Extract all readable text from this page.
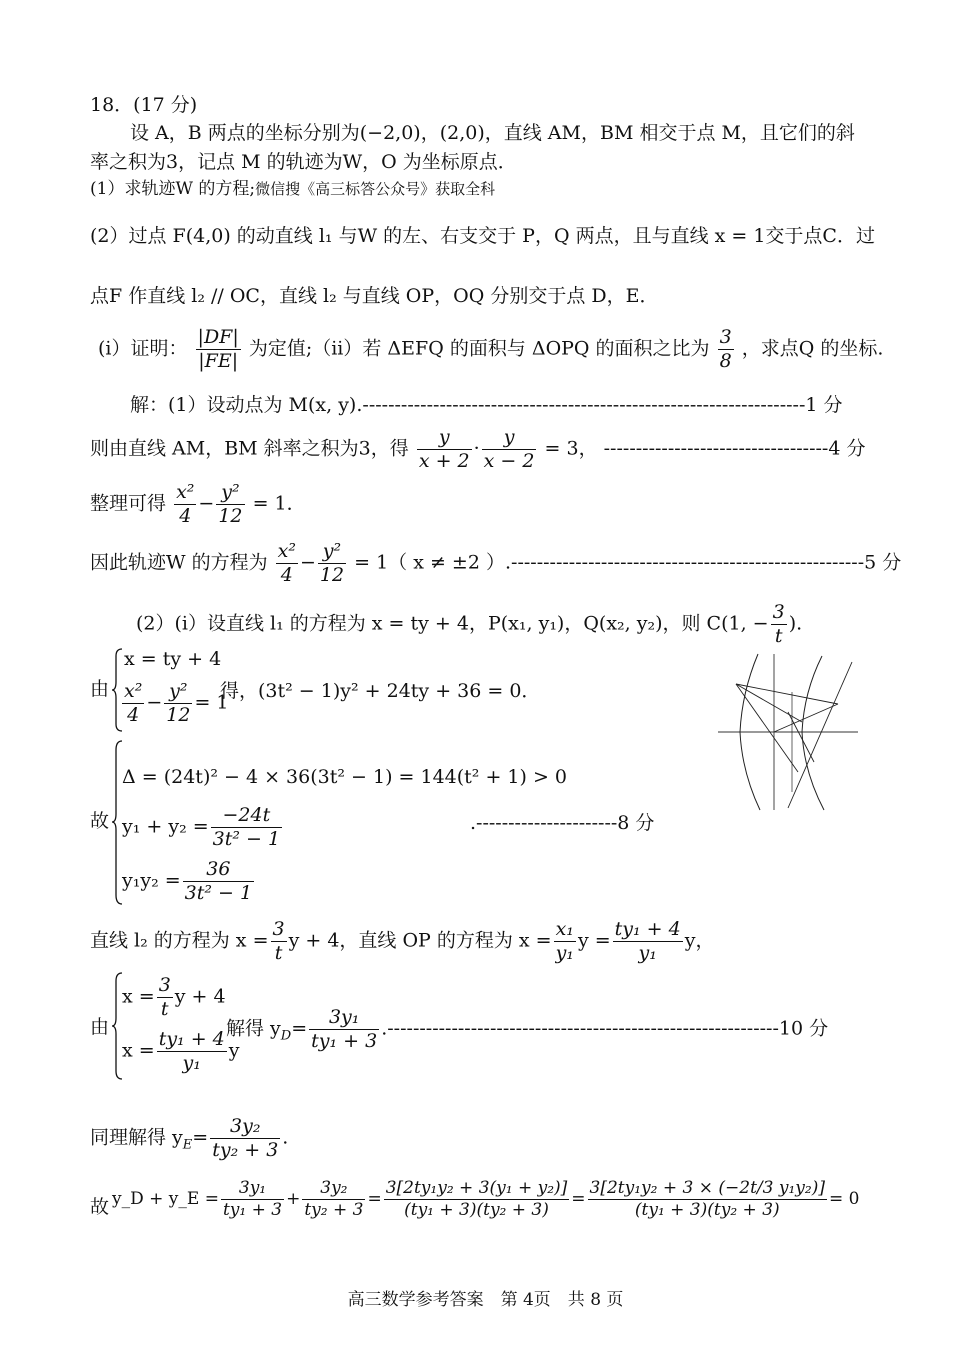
18．(17 分)
设 A，B 两点的坐标分别为(−2,0)，(2,0)，直线 AM，BM 相交于点 M，且它们的斜
率之积为3，记点 M 的轨迹为W，O 为坐标原点．
(1）求轨迹W 的方程;微信搜《高三标答公众号》获取全科
(2）过点 F(4,0) 的动直线 l₁ 与W 的左、右支交于 P，Q 两点，且与直线 x = 1交于点C．过
点F 作直线 l₂ // OC，直线 l₂ 与直线 OP，OQ 分别交于点 D，E．
(i）证明： $\frac{|DF|}{|FE|}$ 为定值;（ii）若 ΔEFQ 的面积与 ΔOPQ 的面积之比为 $\frac{3}{8}$ ，求点Q 的坐标.
解：(1）设动点为 M(x, y).---------------------------------------------------------------------1 分
则由直线 AM，BM 斜率之积为3，得 $\frac{y}{x + 2} \cdot \frac{y}{x - 2} = 3$， -----------------------------------4 分
整理可得 $\frac{\text{x²}}{4} - \frac{\text{y²}}{12} = 1$．
因此轨迹W 的方程为 $\frac{\text{x²}}{4} - \frac{\text{y²}}{12} = 1$（ x ≠ ±2 ）.-------------------------------------------------------5 分
(2）(i）设直线 l₁ 的方程为 x = ty + 4，P(x₁, y₁)，Q(x₂, y₂)，则 C(1, − $\frac{3}{t}$ ).
由
x = ty + 4
$\frac{\text{x²}}{4} - \frac{\text{y²}}{12} = 1$
得，(3t² − 1)y² + 24ty + 36 = 0．
故
Δ = (24t)² − 4 × 36(3t² − 1) = 144(t² + 1) > 0
$y_1 + y_2 = \frac{-24t}{\text{3t² − 1}}$
$y_1y_2 = \frac{36}{\text{3t² − 1}}$
.----------------------8 分
直线 l₂ 的方程为 $x = \frac{3}{t}$ y + 4，直线 OP 的方程为 $x = \frac{\text{x₁}}{\text{y₁}}$ $y = \frac{\text{ty₁ + 4}}{\text{y₁}}$ y，
由
$x = \frac{3}{t}$ y + 4
$x = \frac{\text{ty₁ + 4}}{\text{y₁}}$ y
解得 $y_D= \frac{\text{3y₁}}{\text{ty₁ + 3}} .-------------------------------------------------------------10$ 分
同理解得 $y_E= \frac{\text{3y₂}}{\text{ty₂ + 3}}$ .
故 y_D + y_E = $\frac{\text{3y₁}}{\text{ty₁ + 3}} + \frac{\text{3y₂}}{\text{ty₂ + 3}} = \frac{\text{3[2ty₁y₂ + 3(y₁ + y₂)]}}{\text{(ty₁ + 3)(ty₂ + 3)}} = \frac{\text{3[2ty₁y₂ + 3 × (−2t/3 y₁y₂)]}}{\text{(ty₁ + 3)(ty₂ + 3)}} = 0$
高三数学参考答案　第 4页　共 8 页
